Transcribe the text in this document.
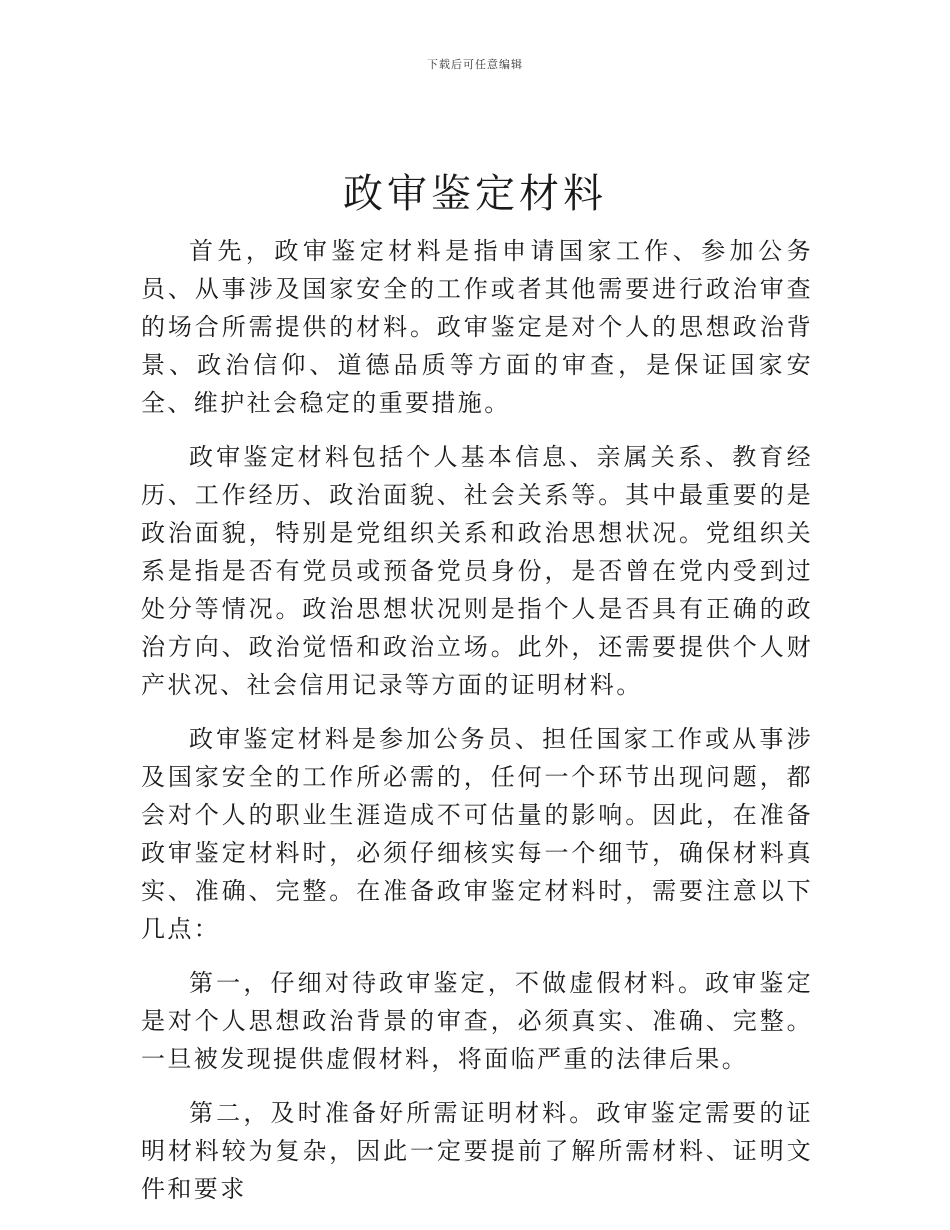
下载后可任意编辑
政审鉴定材料

首先，政审鉴定材料是指申请国家工作、参加公务员、从事涉及国家安全的工作或者其他需要进行政治审查的场合所需提供的材料。政审鉴定是对个人的思想政治背景、政治信仰、道德品质等方面的审查，是保证国家安全、维护社会稳定的重要措施。

政审鉴定材料包括个人基本信息、亲属关系、教育经历、工作经历、政治面貌、社会关系等。其中最重要的是政治面貌，特别是党组织关系和政治思想状况。党组织关系是指是否有党员或预备党员身份，是否曾在党内受到过处分等情况。政治思想状况则是指个人是否具有正确的政治方向、政治觉悟和政治立场。此外，还需要提供个人财产状况、社会信用记录等方面的证明材料。

政审鉴定材料是参加公务员、担任国家工作或从事涉及国家安全的工作所必需的，任何一个环节出现问题，都会对个人的职业生涯造成不可估量的影响。因此，在准备政审鉴定材料时，必须仔细核实每一个细节，确保材料真实、准确、完整。在准备政审鉴定材料时，需要注意以下几点：

第一，仔细对待政审鉴定，不做虚假材料。政审鉴定是对个人思想政治背景的审查，必须真实、准确、完整。一旦被发现提供虚假材料，将面临严重的法律后果。

第二，及时准备好所需证明材料。政审鉴定需要的证明材料较为复杂，因此一定要提前了解所需材料、证明文件和要求
